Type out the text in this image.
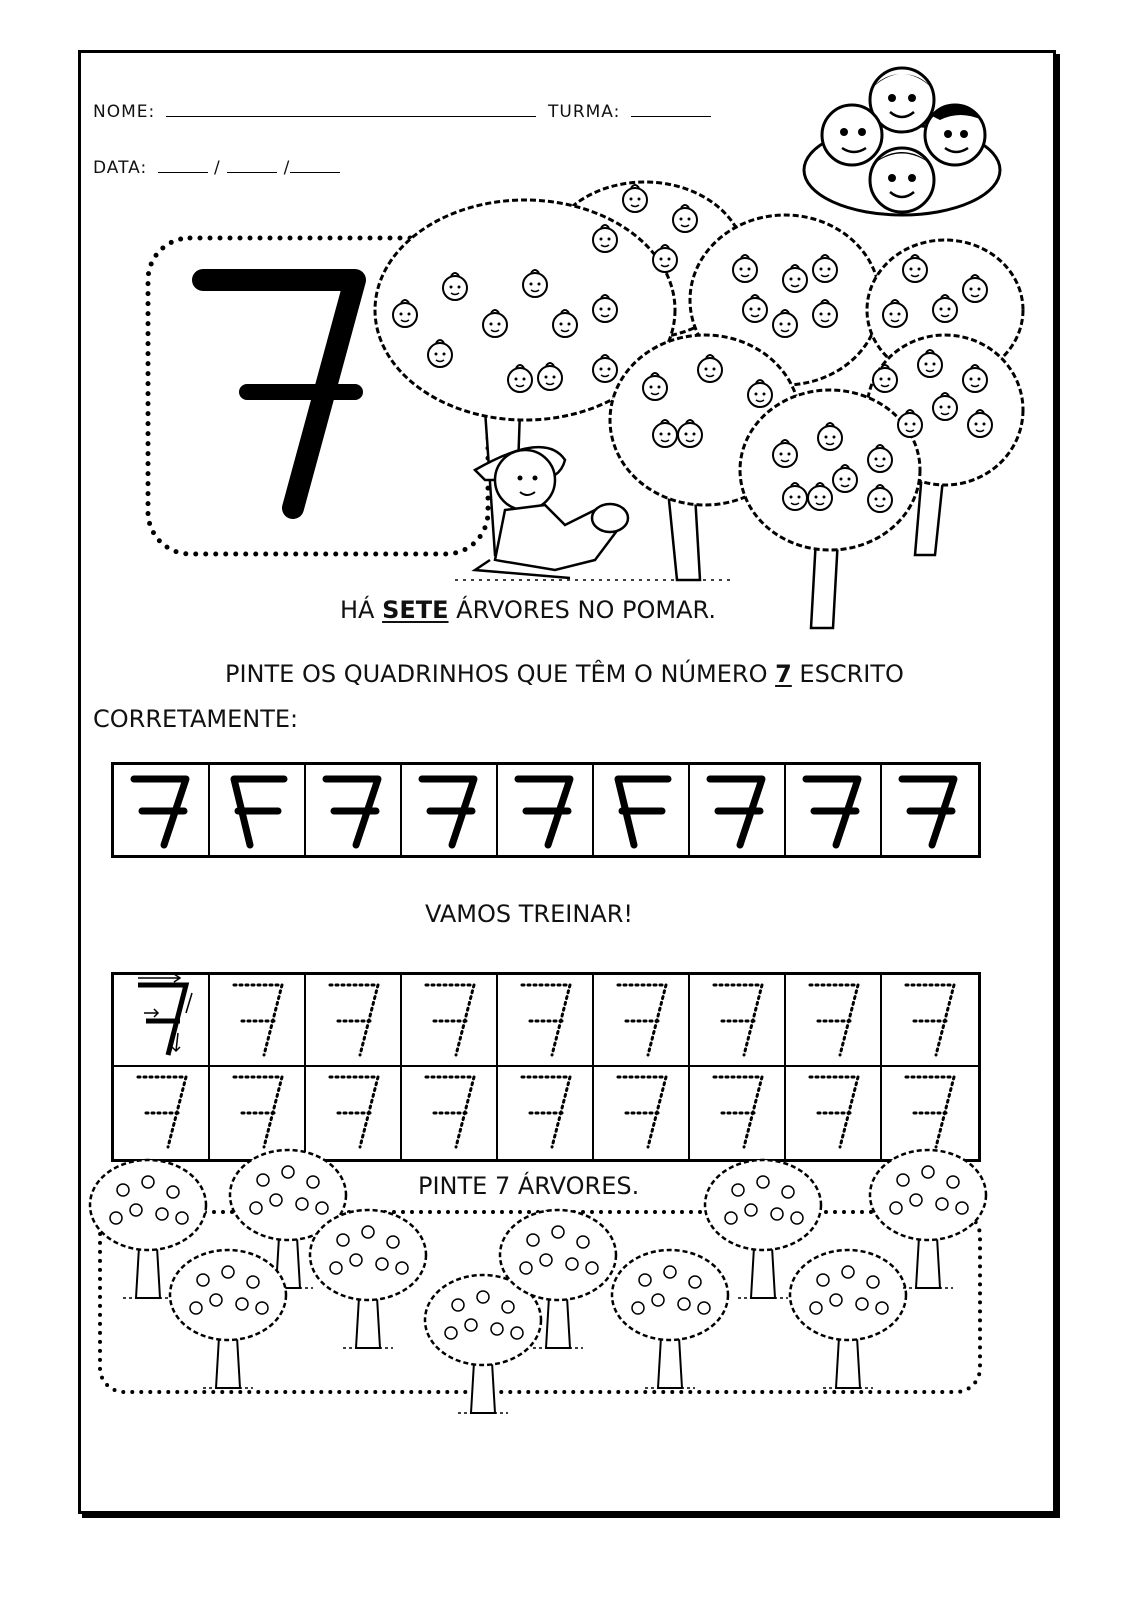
NOME:	TURMA:
DATA:	/	/
HÁ SETE ÁRVORES NO POMAR.
PINTE OS QUADRINHOS QUE TÊM O NÚMERO 7 ESCRITO
CORRETAMENTE:
VAMOS TREINAR!
PINTE 7 ÁRVORES.
